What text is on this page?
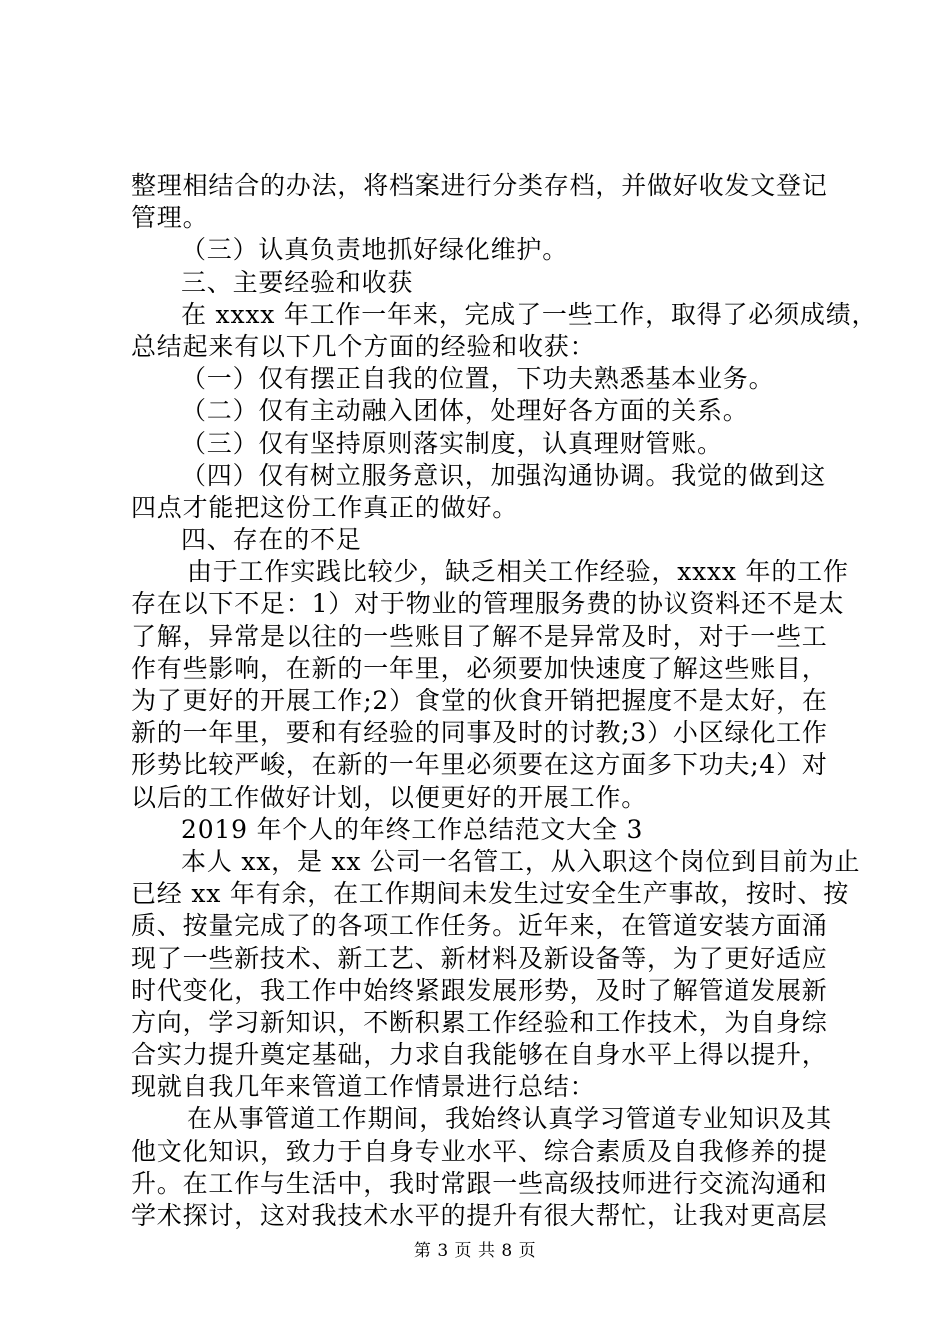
整理相结合的办法，将档案进行分类存档，并做好收发文登记
管理。
（三）认真负责地抓好绿化维护。
三、主要经验和收获
在 xxxx 年工作一年来，完成了一些工作，取得了必须成绩，
总结起来有以下几个方面的经验和收获：
（一）仅有摆正自我的位置，下功夫熟悉基本业务。
（二）仅有主动融入团体，处理好各方面的关系。
（三）仅有坚持原则落实制度，认真理财管账。
（四）仅有树立服务意识，加强沟通协调。我觉的做到这
四点才能把这份工作真正的做好。
四、存在的不足
由于工作实践比较少，缺乏相关工作经验，xxxx 年的工作
存在以下不足：1）对于物业的管理服务费的协议资料还不是太
了解，异常是以往的一些账目了解不是异常及时，对于一些工
作有些影响，在新的一年里，必须要加快速度了解这些账目，
为了更好的开展工作;2）食堂的伙食开销把握度不是太好，在
新的一年里，要和有经验的同事及时的讨教;3）小区绿化工作
形势比较严峻，在新的一年里必须要在这方面多下功夫;4）对
以后的工作做好计划，以便更好的开展工作。
2019 年个人的年终工作总结范文大全 3
本人 xx，是 xx 公司一名管工，从入职这个岗位到目前为止
已经 xx 年有余，在工作期间未发生过安全生产事故，按时、按
质、按量完成了的各项工作任务。近年来，在管道安装方面涌
现了一些新技术、新工艺、新材料及新设备等，为了更好适应
时代变化，我工作中始终紧跟发展形势，及时了解管道发展新
方向，学习新知识，不断积累工作经验和工作技术，为自身综
合实力提升奠定基础，力求自我能够在自身水平上得以提升，
现就自我几年来管道工作情景进行总结：
在从事管道工作期间，我始终认真学习管道专业知识及其
他文化知识，致力于自身专业水平、综合素质及自我修养的提
升。在工作与生活中，我时常跟一些高级技师进行交流沟通和
学术探讨，这对我技术水平的提升有很大帮忙，让我对更高层
第 3 页 共 8 页
